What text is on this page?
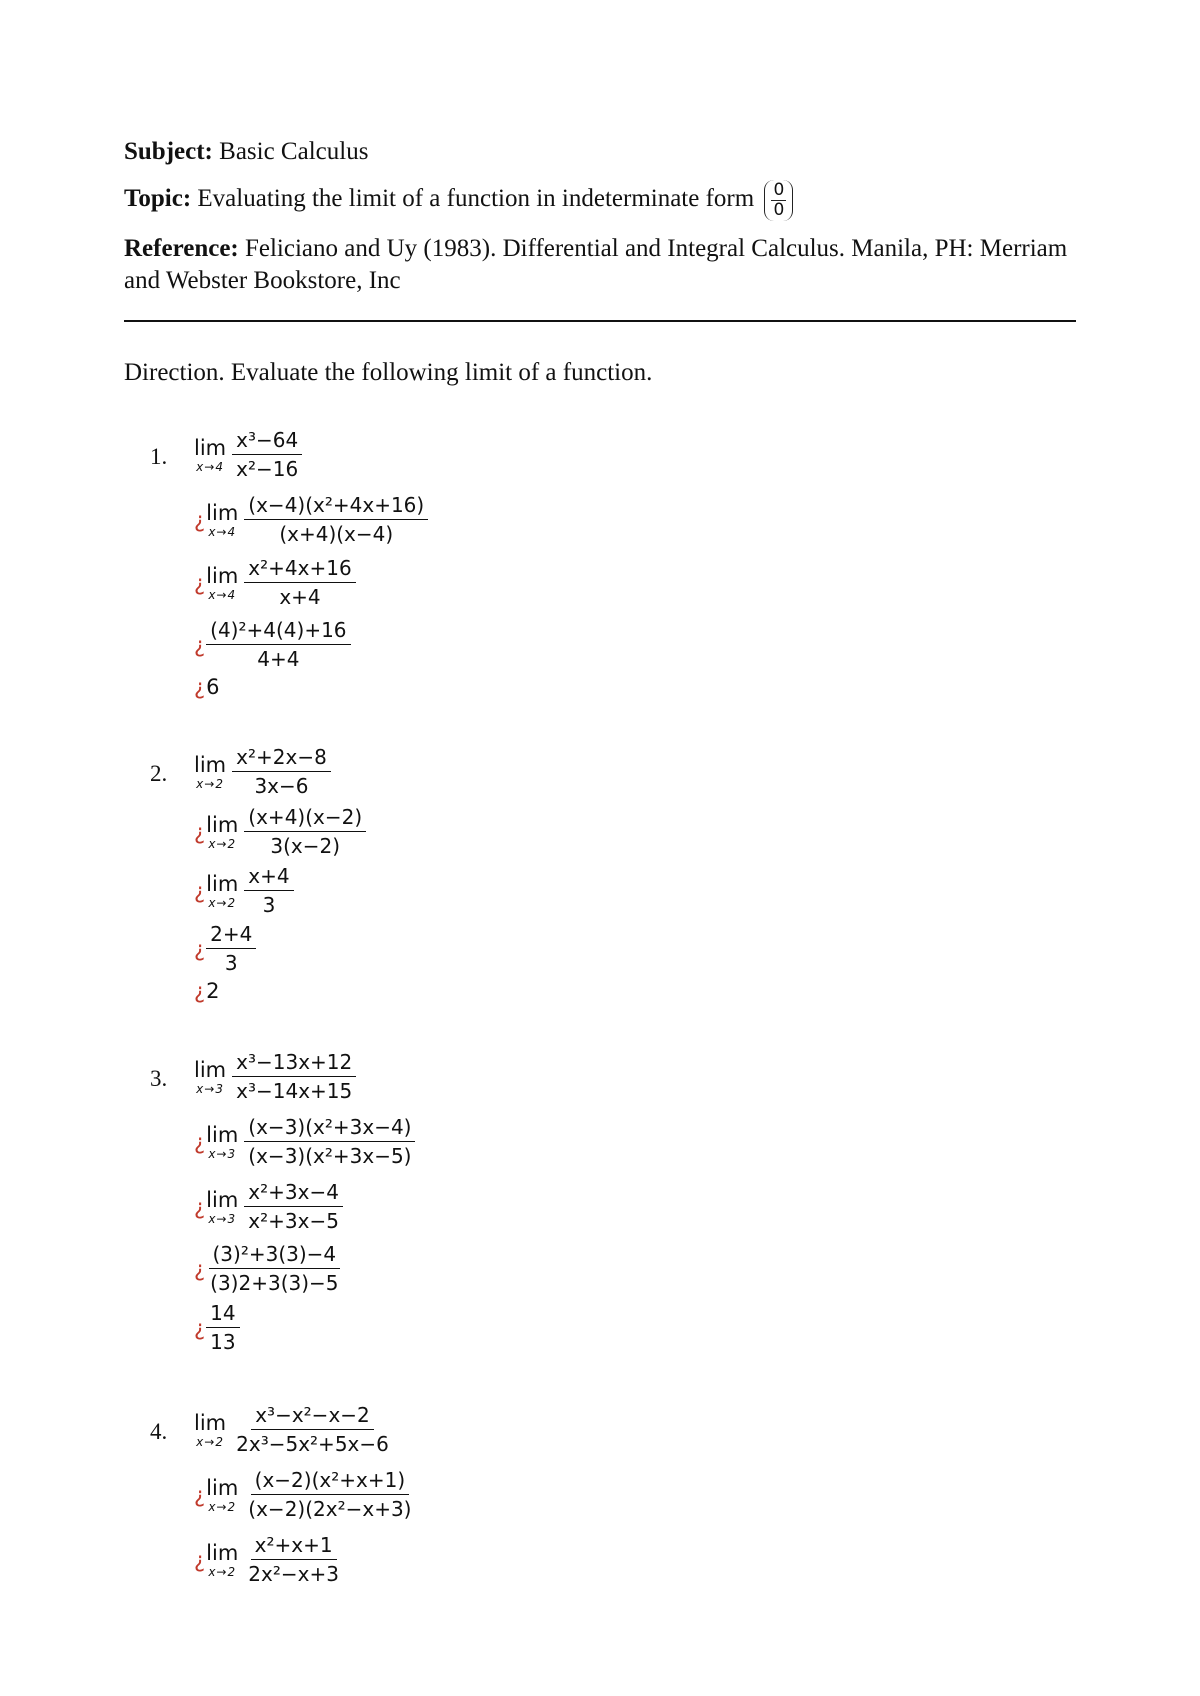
Subject: Basic Calculus
Topic: Evaluating the limit of a function in indeterminate form $\frac{0}{0}$
Reference: Feliciano and Uy (1983). Differential and Integral Calculus. Manila, PH: Merriam and Webster Bookstore, Inc
Direction. Evaluate the following limit of a function.
1. lim
$x\to 4 \frac{\text{x³−64}}{\text{x²−16}}$
¿ lim
$x\to 4 \frac{\text{(x−4)(x²+4x+16)}}{(x+4)(x-4)}$
¿ lim
$x\to 4 \frac{\text{x²+4x+16}}{x+4}$
¿ $\frac{\text{(4)²+4(4)+16}}{4+4}$
¿ 6
2. lim
$x\to 2 \frac{\text{x²+2x−8}}{3x-6}$
¿ lim
$x\to 2 \frac{(x+4)(x-2)}{3(x-2)}$
¿ lim
$x\to 2 \frac{x+4}{3}$
¿ $\frac{2+4}{3}$
¿ 2
3. lim
$x\to 3 \frac{\text{x³−13x+12}}{\text{x³−14x+15}}$
¿ lim
$x\to 3 \frac{\text{(x−3)(x²+3x−4)}}{\text{(x−3)(x²+3x−5)}}$
¿ lim
$x\to 3 \frac{\text{x²+3x−4}}{\text{x²+3x−5}}$
¿ $\frac{\text{(3)²+3(3)−4}}{(3)2+3(3)-5}$
¿ $\frac{14}{13}$
4. lim
$x\to 2 \frac{\text{x³−x²−x−2}}{\text{2x³−5x²+5x−6}}$
¿ lim
$x\to 2 \frac{\text{(x−2)(x²+x+1)}}{\text{(x−2)(2x²−x+3)}}$
¿ lim
$x\to 2 \frac{\text{x²+x+1}}{\text{2x²−x+3}}$
